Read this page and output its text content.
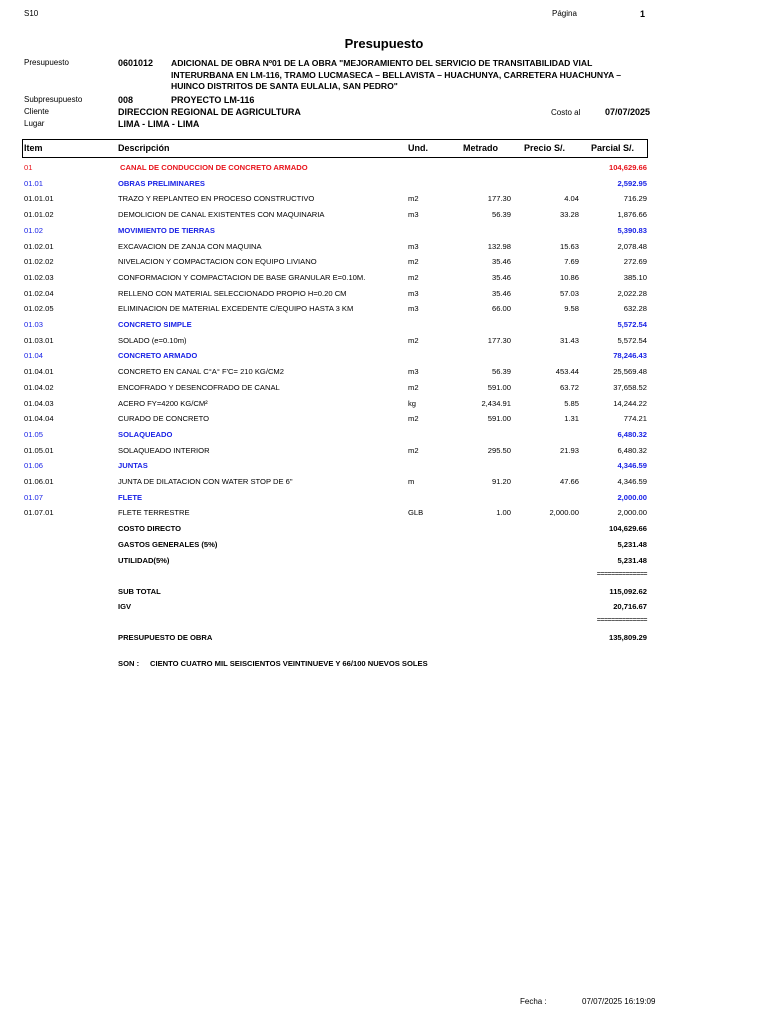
S10	Página	1
Presupuesto
Presupuesto	0601012 ADICIONAL DE OBRA Nº01 DE LA OBRA "MEJORAMIENTO DEL SERVICIO DE TRANSITABILIDAD VIAL INTERURBANA EN LM-116, TRAMO LUCMASECA – BELLAVISTA – HUACHUNYA, CARRETERA HUACHUNYA – HUINCO DISTRITOS DE SANTA EULALIA, SAN PEDRO"
Subpresupuesto	008	PROYECTO LM-116
Cliente	DIRECCION REGIONAL DE AGRICULTURA	Costo al	07/07/2025
Lugar	LIMA - LIMA - LIMA
Item	Descripción	Und.	Metrado	Precio S/.	Parcial S/.
01	CANAL DE CONDUCCION DE CONCRETO ARMADO	104,629.66
01.01	OBRAS PRELIMINARES	2,592.95
01.01.01	TRAZO Y REPLANTEO EN PROCESO CONSTRUCTIVO	m2	177.30	4.04	716.29
01.01.02	DEMOLICION DE CANAL EXISTENTES CON MAQUINARIA	m3	56.39	33.28	1,876.66
01.02	MOVIMIENTO DE TIERRAS	5,390.83
01.02.01	EXCAVACION DE ZANJA CON MAQUINA	m3	132.98	15.63	2,078.48
01.02.02	NIVELACION Y COMPACTACION CON EQUIPO LIVIANO	m2	35.46	7.69	272.69
01.02.03	CONFORMACION Y COMPACTACION DE BASE GRANULAR E=0.10M.	m2	35.46	10.86	385.10
01.02.04	RELLENO CON MATERIAL SELECCIONADO PROPIO H=0.20 CM	m3	35.46	57.03	2,022.28
01.02.05	ELIMINACION DE MATERIAL EXCEDENTE C/EQUIPO HASTA 3 KM	m3	66.00	9.58	632.28
01.03	CONCRETO SIMPLE	5,572.54
01.03.01	SOLADO (e=0.10m)	m2	177.30	31.43	5,572.54
01.04	CONCRETO ARMADO	78,246.43
01.04.01	CONCRETO EN CANAL C°A° F'C= 210 KG/CM2	m3	56.39	453.44	25,569.48
01.04.02	ENCOFRADO Y DESENCOFRADO DE CANAL	m2	591.00	63.72	37,658.52
01.04.03	ACERO FY=4200 KG/CM²	kg	2,434.91	5.85	14,244.22
01.04.04	CURADO DE CONCRETO	m2	591.00	1.31	774.21
01.05	SOLAQUEADO	6,480.32
01.05.01	SOLAQUEADO INTERIOR	m2	295.50	21.93	6,480.32
01.06	JUNTAS	4,346.59
01.06.01	JUNTA DE DILATACION CON WATER STOP DE 6"	m	91.20	47.66	4,346.59
01.07	FLETE	2,000.00
01.07.01	FLETE TERRESTRE	GLB	1.00	2,000.00	2,000.00
COSTO DIRECTO	104,629.66
GASTOS GENERALES (5%)	5,231.48
UTILIDAD(5%)	5,231.48
==============
SUB TOTAL	115,092.62
IGV	20,716.67
==============
PRESUPUESTO DE OBRA	135,809.29
SON : CIENTO CUATRO MIL SEISCIENTOS VEINTINUEVE Y 66/100 NUEVOS SOLES
Fecha :	07/07/2025 16:19:09
